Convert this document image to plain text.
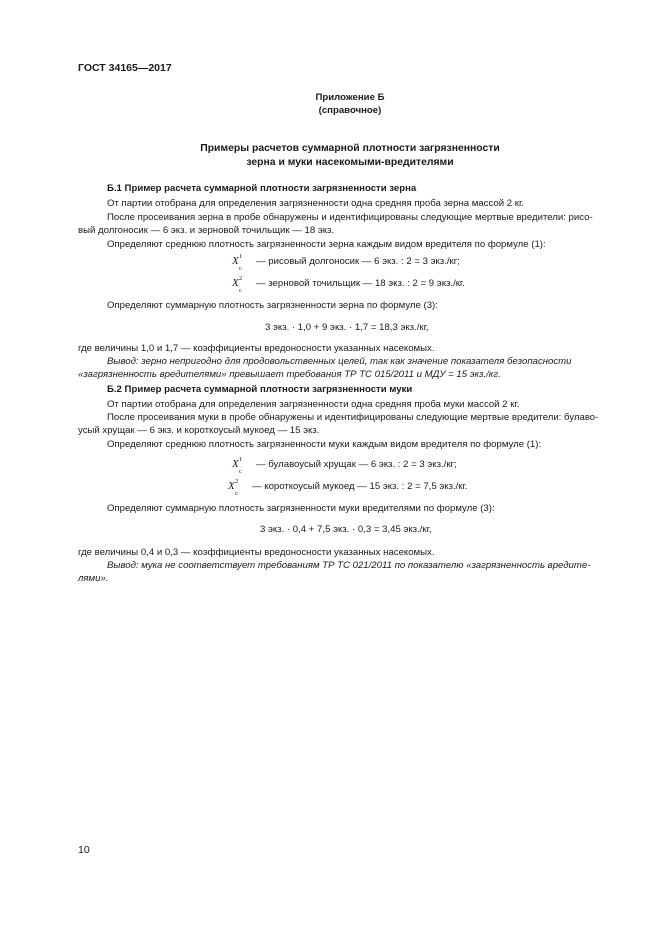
ГОСТ 34165—2017
Приложение Б
(справочное)
Примеры расчетов суммарной плотности загрязненности
зерна и муки насекомыми-вредителями
Б.1 Пример расчета суммарной плотности загрязненности зерна
От партии отобрана для определения загрязненности одна средняя проба зерна массой 2 кг.
После просеивания зерна в пробе обнаружены и идентифицированы следующие мертвые вредители: рисо-
вый долгоносик — 6 экз. и зерновой точильщик — 18 экз.
Определяют среднюю плотность загрязненности зерна каждым видом вредителя по формуле (1):
X 1
c
— рисовый долгоносик — 6 экз. : 2 = 3 экз./кг;
X 2
c
— зерновой точильщик — 18 экз. : 2 = 9 экз./кг.
Определяют суммарную плотность загрязненности зерна по формуле (3):
3 экз. · 1,0 + 9 экз. · 1,7 = 18,3 экз./кг,
где величины 1,0 и 1,7 — коэффициенты вредоносности указанных насекомых.
Вывод: зерно непригодно для продовольственных целей, так как значение показателя безопасности
«загрязненность вредителями» превышает требования ТР ТС 015/2011 и МДУ = 15 экз./кг.
Б.2 Пример расчета суммарной плотности загрязненности муки
От партии отобрана для определения загрязненности одна средняя проба муки массой 2 кг.
После просеивания муки в пробе обнаружены и идентифицированы следующие мертвые вредители: булаво-
усый хрущак — 6 экз. и короткоусый мукоед — 15 экз.
Определяют среднюю плотность загрязненности муки каждым видом вредителя по формуле (1):
X 1
c
— булавоусый хрущак — 6 экз. : 2 = 3 экз./кг;
X 2
c
— короткоусый мукоед — 15 экз. : 2 = 7,5 экз./кг.
Определяют суммарную плотность загрязненности муки вредителями по формуле (3):
3 экз. · 0,4 + 7,5 экз. · 0,3 = 3,45 экз./кг,
где величины 0,4 и 0,3 — коэффициенты вредоносности указанных насекомых.
Вывод: мука не соответствует требованиям ТР ТС 021/2011 по показателю «загрязненность вредите-
лями».
10
